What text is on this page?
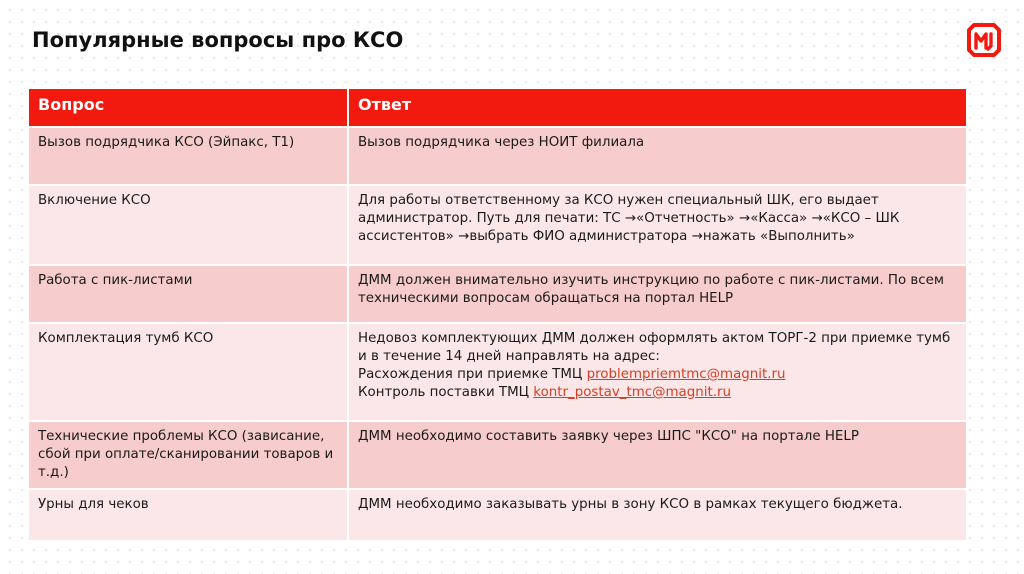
Популярные вопросы про КСО
Вопрос	Ответ
Вызов подрядчика КСО (Эйпакс, Т1)	Вызов подрядчика через НОИТ филиала
Включение КСО	Для работы ответственному за КСО нужен специальный ШК, его выдает администратор. Путь для печати: ТС →«Отчетность» →«Касса» →«КСО – ШК ассистентов» →выбрать ФИО администратора →нажать «Выполнить»
Работа с пик-листами	ДММ должен внимательно изучить инструкцию по работе с пик-листами. По всем техническими вопросам обращаться на портал HELP
Комплектация тумб КСО	Недовоз комплектующих ДММ должен оформлять актом ТОРГ-2 при приемке тумб и в течение 14 дней направлять на адрес:
Расхождения при приемке ТМЦ problempriemtmc@magnit.ru
Контроль поставки ТМЦ kontr_postav_tmc@magnit.ru

Технические проблемы КСО (зависание, сбой при оплате/сканировании товаров и т.д.)	ДММ необходимо составить заявку через ШПС "КСО" на портале HELP
Урны для чеков	ДММ необходимо заказывать урны в зону КСО в рамках текущего бюджета.
